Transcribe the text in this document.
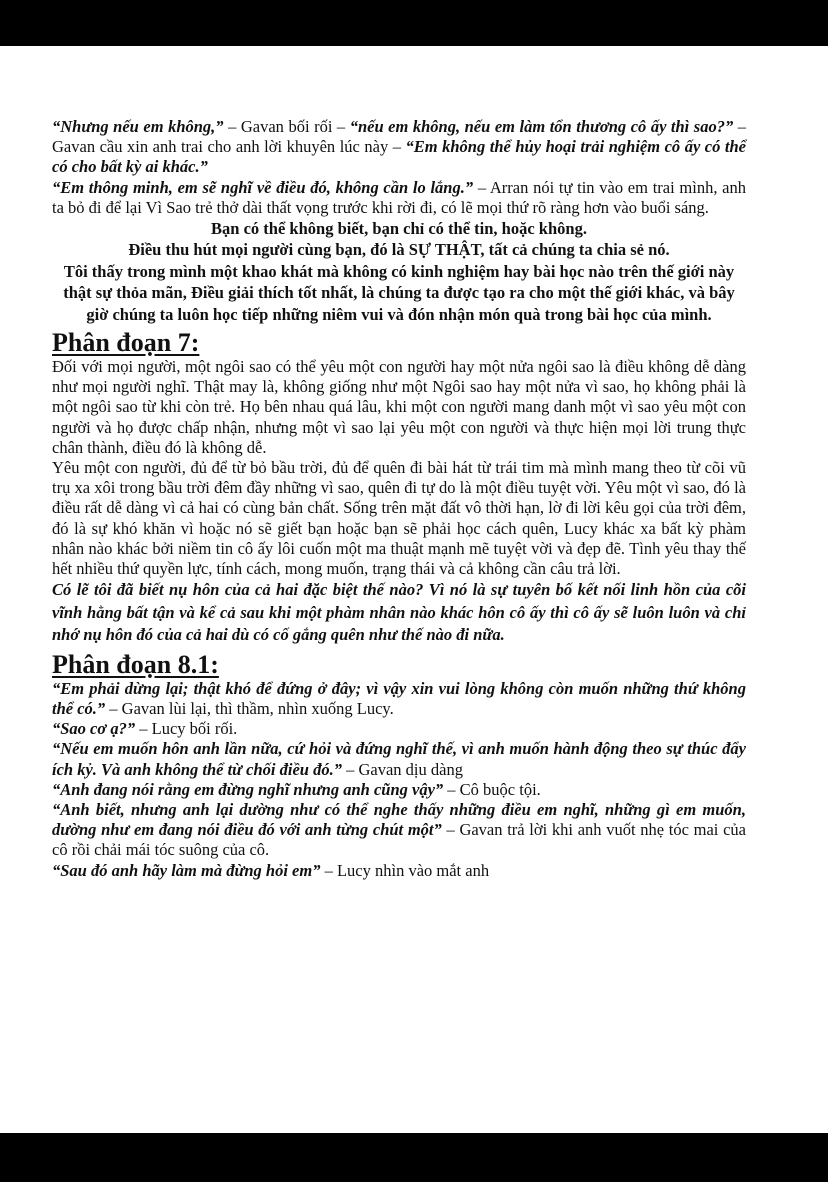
“Nhưng nếu em không,” – Gavan bối rối – “nếu em không, nếu em làm tổn thương cô ấy thì sao?” – Gavan cầu xin anh trai cho anh lời khuyên lúc này – “Em không thể hủy hoại trải nghiệm cô ấy có thể có cho bất kỳ ai khác.”

“Em thông minh, em sẽ nghĩ về điều đó, không cần lo lắng.” – Arran nói tự tin vào em trai mình, anh ta bỏ đi để lại Vì Sao trẻ thở dài thất vọng trước khi rời đi, có lẽ mọi thứ rõ ràng hơn vào buổi sáng.

Bạn có thể không biết, bạn chỉ có thể tin, hoặc không.

Điều thu hút mọi người cùng bạn, đó là SỰ THẬT, tất cả chúng ta chia sẻ nó.

Tôi thấy trong mình một khao khát mà không có kinh nghiệm hay bài học nào trên thế giới này thật sự thỏa mãn, Điều giải thích tốt nhất, là chúng ta được tạo ra cho một thế giới khác, và bây giờ chúng ta luôn học tiếp những niêm vui và đón nhận món quà trong bài học của mình.

Phân đoạn 7:

Đối với mọi người, một ngôi sao có thể yêu một con người hay một nửa ngôi sao là điều không dễ dàng như mọi người nghĩ. Thật may là, không giống như một Ngôi sao hay một nửa vì sao, họ không phải là một ngôi sao từ khi còn trẻ. Họ bên nhau quá lâu, khi một con người mang danh một vì sao yêu một con người và họ được chấp nhận, nhưng một vì sao lại yêu một con người và thực hiện mọi lời trung thực chân thành, điều đó là không dễ.

Yêu một con người, đủ để từ bỏ bầu trời, đủ để quên đi bài hát từ trái tim mà mình mang theo từ cõi vũ trụ xa xôi trong bầu trời đêm đầy những vì sao, quên đi tự do là một điều tuyệt vời. Yêu một vì sao, đó là điều rất dễ dàng vì cả hai có cùng bản chất. Sống trên mặt đất vô thời hạn, lờ đi lời kêu gọi của trời đêm, đó là sự khó khăn vì hoặc nó sẽ giết bạn hoặc bạn sẽ phải học cách quên, Lucy khác xa bất kỳ phàm nhân nào khác bởi niềm tin cô ấy lôi cuốn một ma thuật mạnh mẽ tuyệt vời và đẹp đẽ. Tình yêu thay thế hết nhiều thứ quyền lực, tính cách, mong muốn, trạng thái và cả không cần câu trả lời.

Có lẽ tôi đã biết nụ hôn của cả hai đặc biệt thế nào? Vì nó là sự tuyên bố kết nối linh hồn của cõi vĩnh hằng bất tận và kể cả sau khi một phàm nhân nào khác hôn cô ấy thì cô ấy sẽ luôn luôn và chỉ nhớ nụ hôn đó của cả hai dù có cố gắng quên như thế nào đi nữa.

Phân đoạn 8.1:

“Em phải dừng lại; thật khó để đứng ở đây; vì vậy xin vui lòng không còn muốn những thứ không thể có.” – Gavan lùi lại, thì thầm, nhìn xuống Lucy.

“Sao cơ ạ?” – Lucy bối rối.

“Nếu em muốn hôn anh lần nữa, cứ hỏi và đứng nghĩ thế, vì anh muốn hành động theo sự thúc đẩy ích kỷ. Và anh không thể từ chối điều đó.” – Gavan dịu dàng

“Anh đang nói rằng em đừng nghĩ nhưng anh cũng vậy” – Cô buộc tội.

“Anh biết, nhưng anh lại dường như có thể nghe thấy những điều em nghĩ, những gì em muốn, dường như em đang nói điều đó với anh từng chút một” – Gavan trả lời khi anh vuốt nhẹ tóc mai của cô rồi chải mái tóc suông của cô.

“Sau đó anh hãy làm mà đừng hỏi em” – Lucy nhìn vào mắt anh
